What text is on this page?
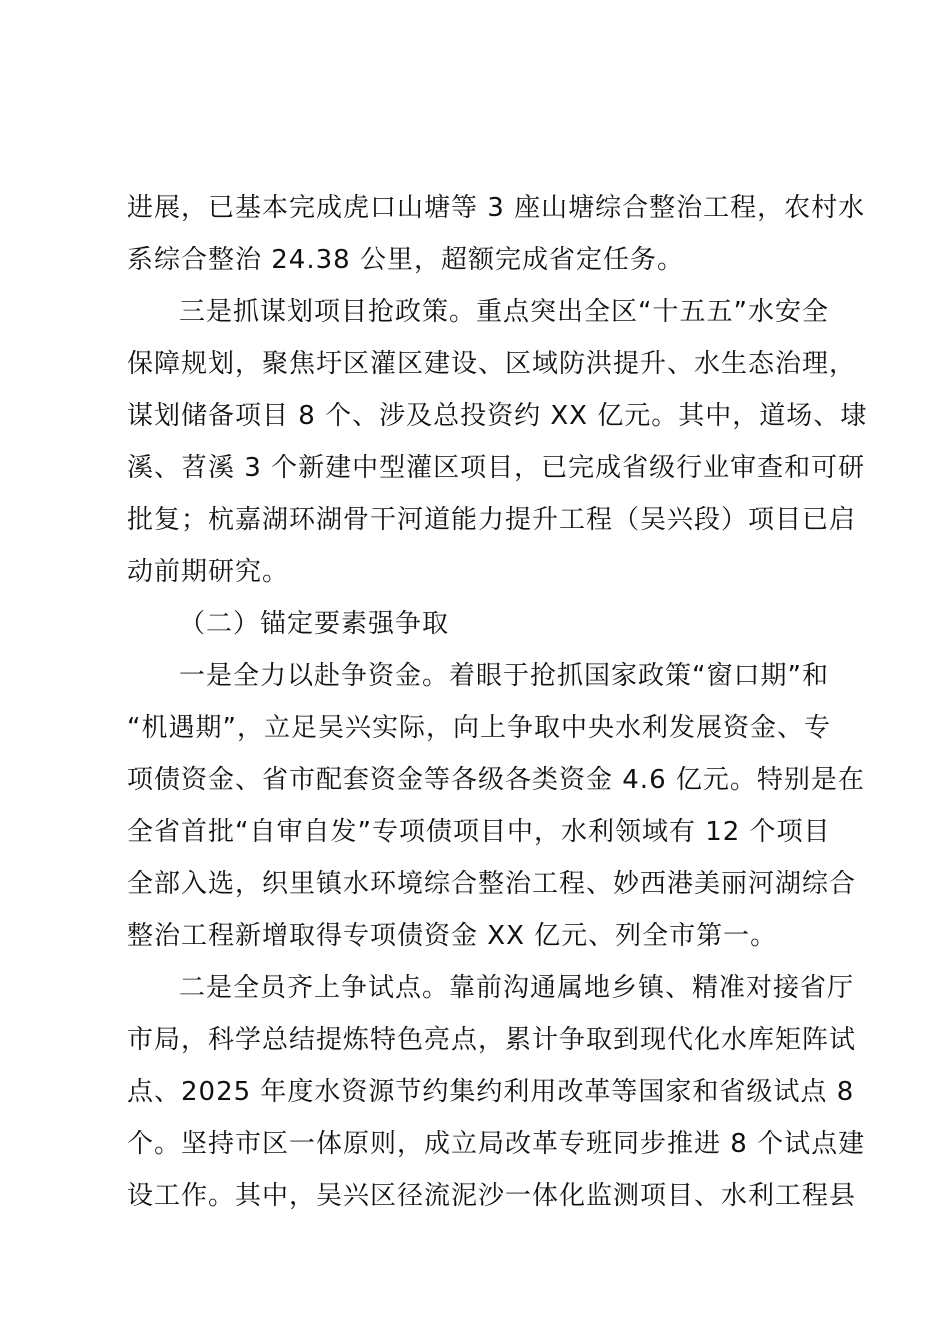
进展，已基本完成虎口山塘等 3 座山塘综合整治工程，农村水
系综合整治 24.38 公里，超额完成省定任务。

三是抓谋划项目抢政策。重点突出全区“十五五”水安全
保障规划，聚焦圩区灌区建设、区域防洪提升、水生态治理，
谋划储备项目 8 个、涉及总投资约 XX 亿元。其中，道场、埭
溪、苕溪 3 个新建中型灌区项目，已完成省级行业审查和可研
批复；杭嘉湖环湖骨干河道能力提升工程（吴兴段）项目已启
动前期研究。

（二）锚定要素强争取

一是全力以赴争资金。着眼于抢抓国家政策“窗口期”和
“机遇期”，立足吴兴实际，向上争取中央水利发展资金、专
项债资金、省市配套资金等各级各类资金 4.6 亿元。特别是在
全省首批“自审自发”专项债项目中，水利领域有 12 个项目
全部入选，织里镇水环境综合整治工程、妙西港美丽河湖综合
整治工程新增取得专项债资金 XX 亿元、列全市第一。

二是全员齐上争试点。靠前沟通属地乡镇、精准对接省厅
市局，科学总结提炼特色亮点，累计争取到现代化水库矩阵试
点、2025 年度水资源节约集约利用改革等国家和省级试点 8
个。坚持市区一体原则，成立局改革专班同步推进 8 个试点建
设工作。其中，吴兴区径流泥沙一体化监测项目、水利工程县
